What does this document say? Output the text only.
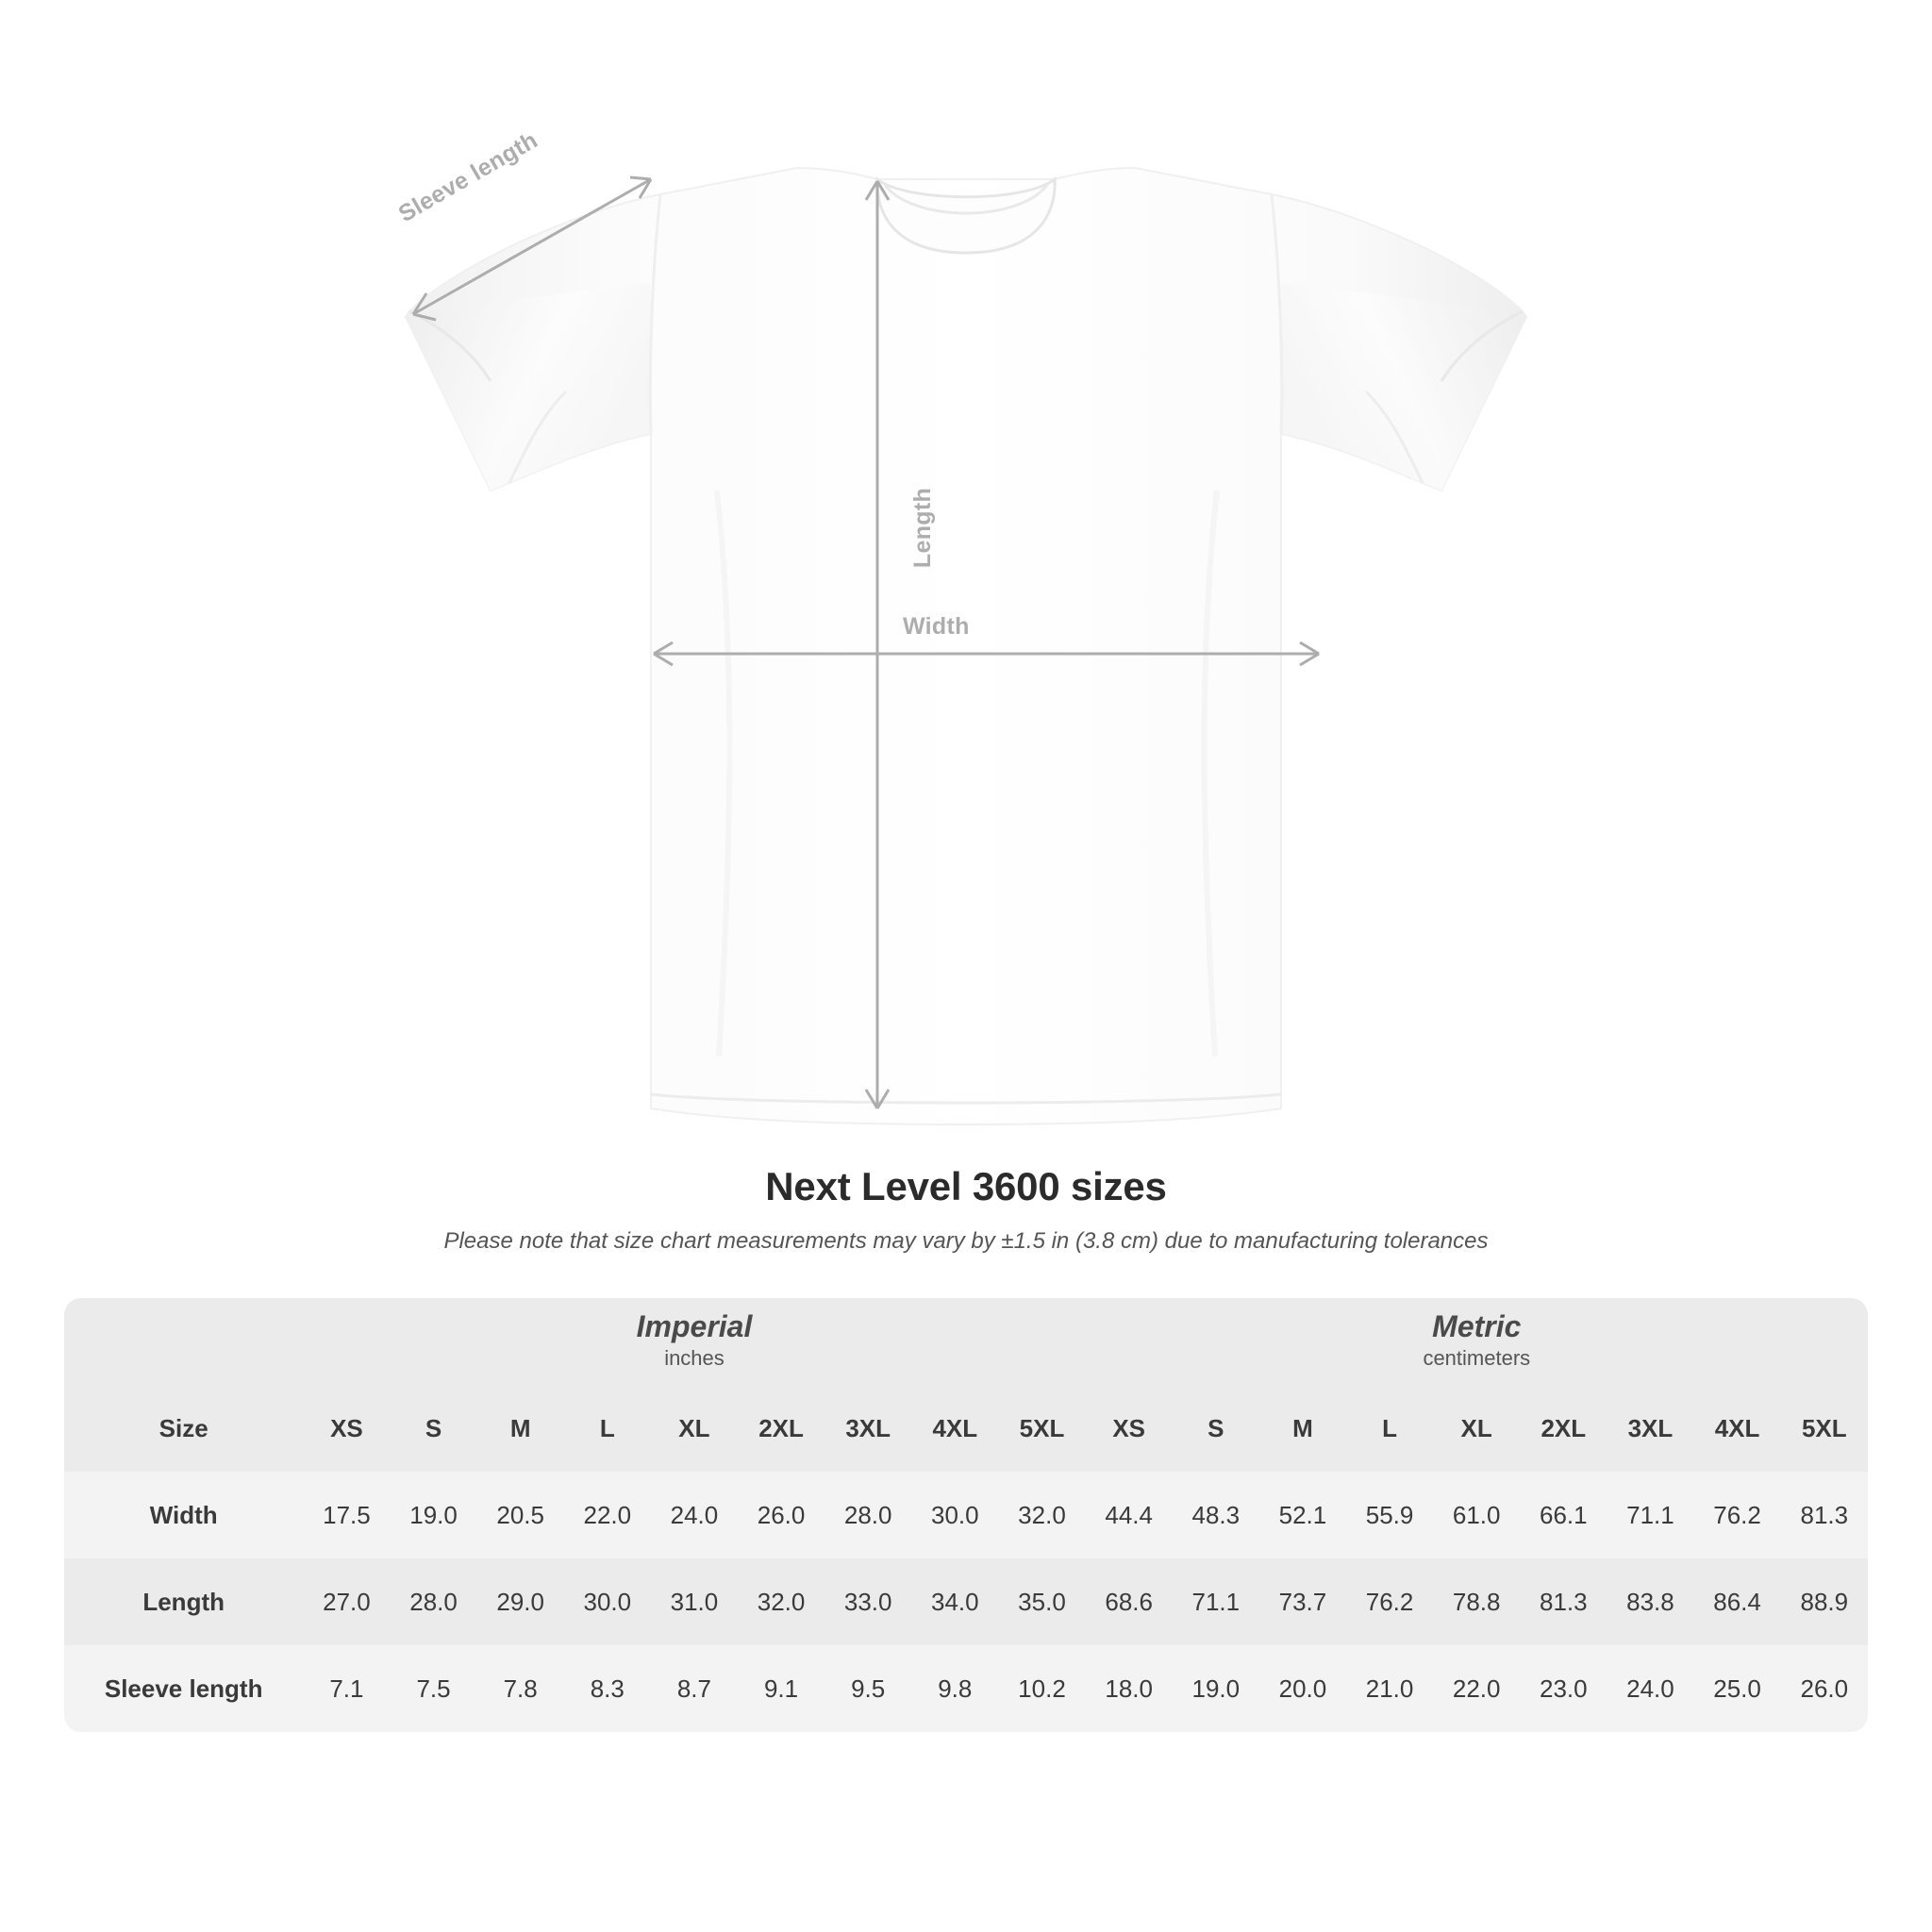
Sleeve length
Length
Width
Next Level 3600 sizes
Please note that size chart measurements may vary by ±1.5 in (3.8 cm) due to manufacturing tolerances

	Imperial
inches									Metric
centimeters								

Size	XS	S	M	L	XL	2XL	3XL	4XL	5XL	XS	S	M	L	XL	2XL	3XL	4XL	5XL
Width	17.5	19.0	20.5	22.0	24.0	26.0	28.0	30.0	32.0	44.4	48.3	52.1	55.9	61.0	66.1	71.1	76.2	81.3
Length	27.0	28.0	29.0	30.0	31.0	32.0	33.0	34.0	35.0	68.6	71.1	73.7	76.2	78.8	81.3	83.8	86.4	88.9
Sleeve length	7.1	7.5	7.8	8.3	8.7	9.1	9.5	9.8	10.2	18.0	19.0	20.0	21.0	22.0	23.0	24.0	25.0	26.0
